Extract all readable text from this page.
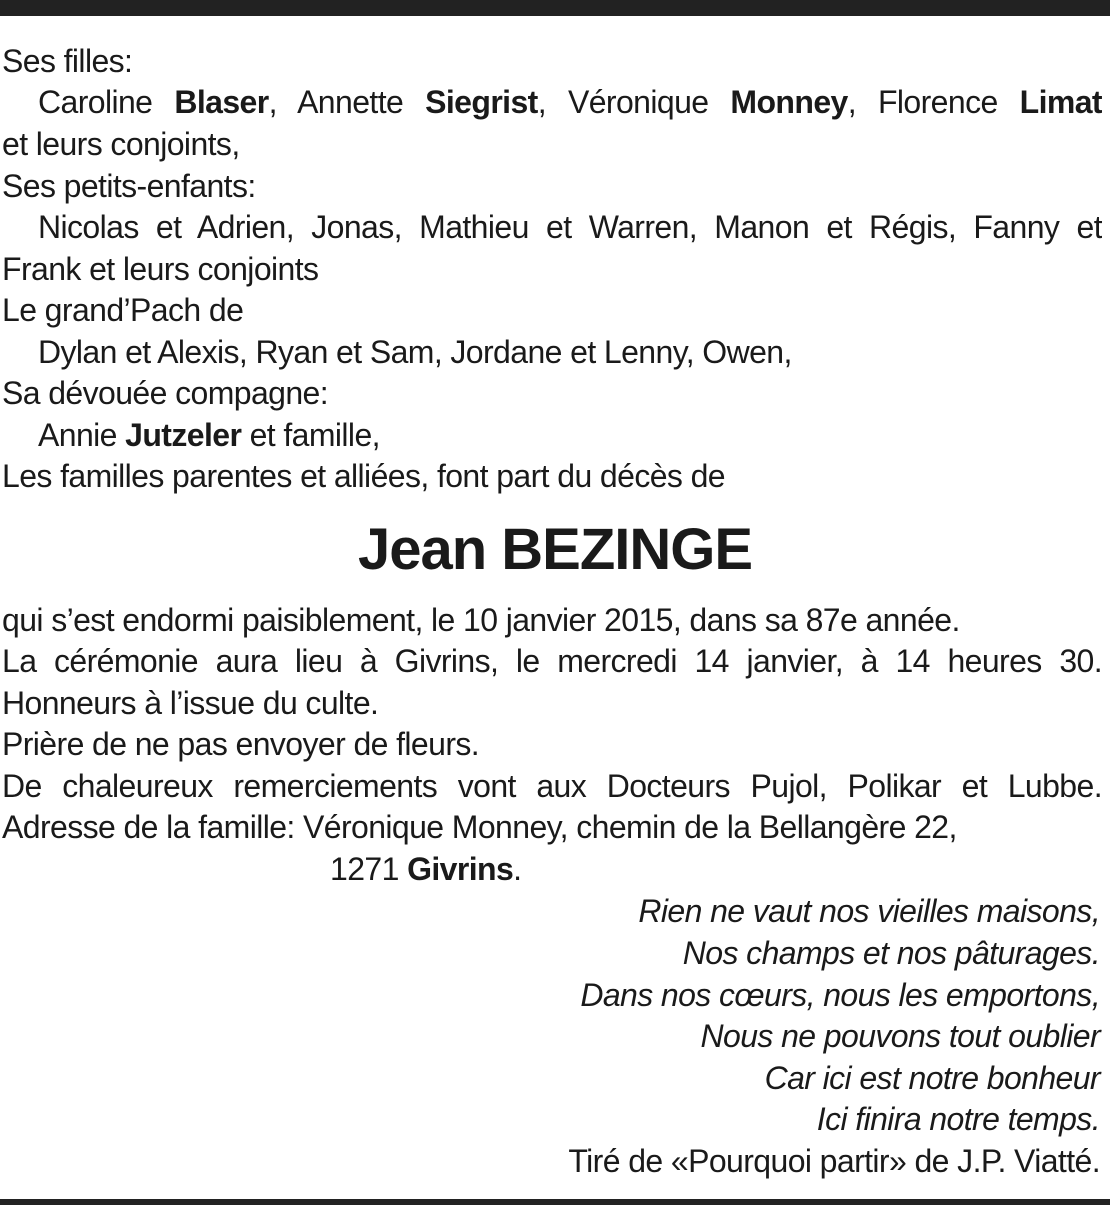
Ses filles:
Caroline Blaser, Annette Siegrist, Véronique Monney, Florence Limat
et leurs conjoints,
Ses petits-enfants:
Nicolas et Adrien, Jonas, Mathieu et Warren, Manon et Régis, Fanny et
Frank et leurs conjoints
Le grand’Pach de
Dylan et Alexis, Ryan et Sam, Jordane et Lenny, Owen,
Sa dévouée compagne:
Annie Jutzeler et famille,
Les familles parentes et alliées, font part du décès de
Jean BEZINGE
qui s’est endormi paisiblement, le 10 janvier 2015, dans sa 87e année.
La cérémonie aura lieu à Givrins, le mercredi 14 janvier, à 14 heures 30.
Honneurs à l’issue du culte.
Prière de ne pas envoyer de fleurs.
De chaleureux remerciements vont aux Docteurs Pujol, Polikar et Lubbe.
Adresse de la famille: Véronique Monney, chemin de la Bellangère 22,
1271 Givrins.
Rien ne vaut nos vieilles maisons,
Nos champs et nos pâturages.
Dans nos cœurs, nous les emportons,
Nous ne pouvons tout oublier
Car ici est notre bonheur
Ici finira notre temps.
Tiré de «Pourquoi partir» de J.P. Viatté.
